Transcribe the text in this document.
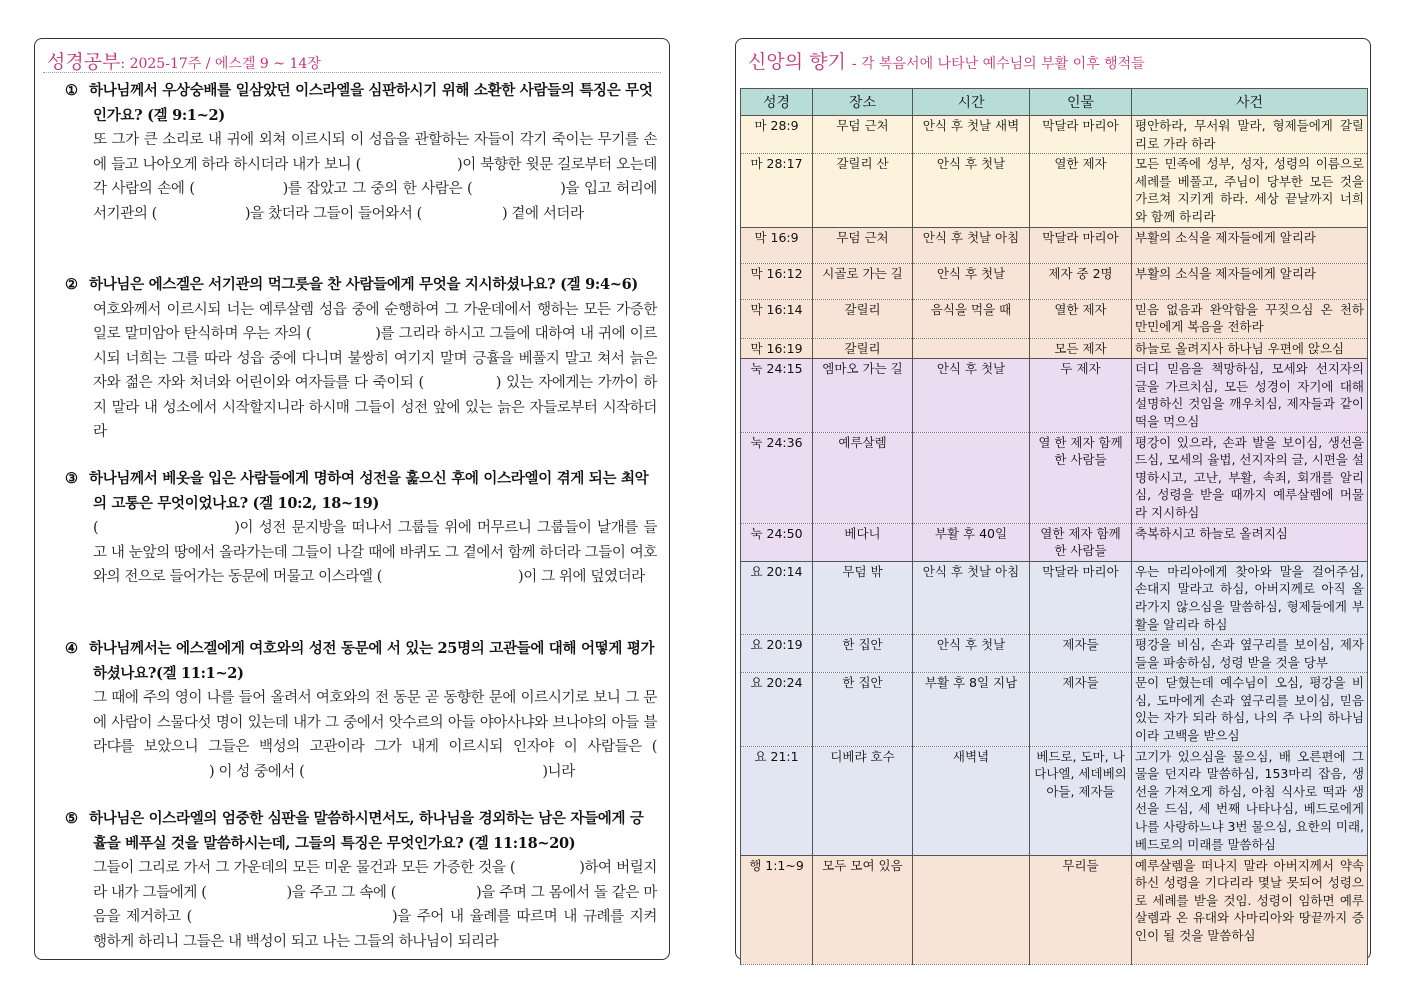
성경공부: 2025-17주 / 에스겔 9 ~ 14장
① 하나님께서 우상숭배를 일삼았던 이스라엘을 심판하시기 위해 소환한 사람들의 특징은 무엇인가요? (겔 9:1~2)
또 그가 큰 소리로 내 귀에 외쳐 이르시되 이 성읍을 관할하는 자들이 각기 죽이는 무기를 손에 들고 나아오게 하라 하시더라 내가 보니 (	)이 북향한 윗문 길로부터 오는데 각 사람의 손에 (	)를 잡았고 그 중의 한 사람은 (	)을 입고 허리에 서기관의 (	)을 찼더라 그들이 들어와서 (	) 곁에 서더라
② 하나님은 에스겔은 서기관의 먹그릇을 찬 사람들에게 무엇을 지시하셨나요? (겔 9:4~6)
여호와께서 이르시되 너는 예루살렘 성읍 중에 순행하여 그 가운데에서 행하는 모든 가증한 일로 말미암아 탄식하며 우는 자의 (	)를 그리라 하시고 그들에 대하여 내 귀에 이르시되 너희는 그를 따라 성읍 중에 다니며 불쌍히 여기지 말며 긍휼을 베풀지 말고 쳐서 늙은 자와 젊은 자와 처녀와 어린이와 여자들를 다 죽이되 (	) 있는 자에게는 가까이 하지 말라 내 성소에서 시작할지니라 하시매 그들이 성전 앞에 있는 늙은 자들로부터 시작하더라
③ 하나님께서 베옷을 입은 사람들에게 명하여 성전을 훑으신 후에 이스라엘이 겪게 되는 최악의 고통은 무엇이었나요? (겔 10:2, 18~19)
(	)이 성전 문지방을 떠나서 그룹들 위에 머무르니 그룹들이 날개를 들고 내 눈앞의 땅에서 올라가는데 그들이 나갈 때에 바퀴도 그 곁에서 함께 하더라 그들이 여호와의 전으로 들어가는 동문에 머물고 이스라엘 (	)이 그 위에 덮였더라
④ 하나님께서는 에스겔에게 여호와의 성전 동문에 서 있는 25명의 고관들에 대해 어떻게 평가하셨나요?(겔 11:1~2)
그 때에 주의 영이 나를 들어 올려서 여호와의 전 동문 곧 동향한 문에 이르시기로 보니 그 문에 사람이 스물다섯 명이 있는데 내가 그 중에서 앗수르의 아들 야아사냐와 브나야의 아들 블라댜를 보았으니 그들은 백성의 고관이라 그가 내게 이르시되 인자야 이 사람들은 () 이 성 중에서 (	)니라
⑤ 하나님은 이스라엘의 엄중한 심판을 말씀하시면서도, 하나님을 경외하는 남은 자들에게 긍휼을 베푸실 것을 말씀하시는데, 그들의 특징은 무엇인가요? (겔 11:18~20)
그들이 그리로 가서 그 가운데의 모든 미운 물건과 모든 가증한 것을 (	)하여 버릴지라 내가 그들에게 (	)을 주고 그 속에 (	)을 주며 그 몸에서 돌 같은 마음을 제거하고 (	)을 주어 내 율례를 따르며 내 규례를 지켜 행하게 하리니 그들은 내 백성이 되고 나는 그들의 하나님이 되리라
신앙의 향기 - 각 복음서에 나타난 예수님의 부활 이후 행적들
성경	장소	시간	인물	사건
마 28:9	무덤 근처	안식 후 첫날 새벽	막달라 마리아	평안하라, 무서워 말라, 형제들에게 갈릴리로 가라 하라
마 28:17	갈릴리 산	안식 후 첫날	열한 제자	모든 민족에 성부, 성자, 성령의 이름으로 세례를 베풀고, 주님이 당부한 모든 것을 가르쳐 지키게 하라. 세상 끝날까지 너희와 함께 하리라
막 16:9	무덤 근처	안식 후 첫날 아침	막달라 마리아	부활의 소식을 제자들에게 알리라
막 16:12	시골로 가는 길	안식 후 첫날	제자 중 2명	부활의 소식을 제자들에게 알리라
막 16:14	갈릴리	음식을 먹을 때	열한 제자	믿음 없음과 완악함을 꾸짖으심 온 천하 만민에게 복음을 전하라
막 16:19	갈릴리		모든 제자	하늘로 올려지사 하나님 우편에 앉으심
눅 24:15	엠마오 가는 길	안식 후 첫날	두 제자	더디 믿음을 책망하심, 모세와 선지자의 글을 가르치심, 모든 성경이 자기에 대해 설명하신 것임을 깨우치심, 제자들과 같이 떡을 먹으심
눅 24:36	예루살렘		열 한 제자 함께 한 사람들	평강이 있으라, 손과 발을 보이심, 생선을 드심, 모세의 율법, 선지자의 글, 시편을 설명하시고, 고난, 부활, 속죄, 회개를 알리심, 성령을 받을 때까지 예루살렘에 머물라 지시하심
눅 24:50	베다니	부활 후 40일	열한 제자 함께 한 사람들	축복하시고 하늘로 올려지심
요 20:14	무덤 밖	안식 후 첫날 아침	막달라 마리아	우는 마리아에게 찾아와 말을 걸어주심, 손대지 말라고 하심, 아버지께로 아직 올라가지 않으심을 말씀하심, 형제들에게 부활을 알리라 하심
요 20:19	한 집안	안식 후 첫날	제자들	평강을 비심, 손과 옆구리를 보이심, 제자들을 파송하심, 성령 받을 것을 당부
요 20:24	한 집안	부활 후 8일 지남	제자들	문이 닫혔는데 예수님이 오심, 평강을 비심, 도마에게 손과 옆구리를 보이심, 믿음 있는 자가 되라 하심, 나의 주 나의 하나님이라 고백을 받으심
요 21:1	디베랴 호수	새벽녘	베드로, 도마, 나다나엘, 세데베의 아들, 제자들	고기가 있으심을 물으심, 배 오른편에 그물을 던지라 말씀하심, 153마리 잡음, 생선을 가져오게 하심, 아침 식사로 떡과 생선을 드심, 세 번째 나타나심, 베드로에게 나를 사랑하느냐 3번 물으심, 요한의 미래, 베드로의 미래를 말씀하심
행 1:1~9	모두 모여 있음		무리들	예루살렘을 떠나지 말라 아버지께서 약속하신 성령을 기다리라 몇날 못되어 성령으로 세례를 받을 것임. 성령이 임하면 예루살렘과 온 유대와 사마리아와 땅끝까지 증인이 될 것을 말씀하심
